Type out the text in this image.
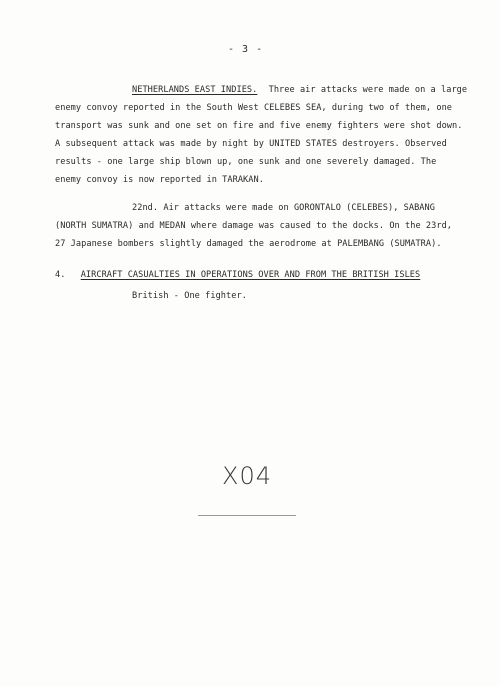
- 3 -
NETHERLANDS EAST INDIES. Three air attacks were made on a large
enemy convoy reported in the South West CELEBES SEA, during two of them, one
transport was sunk and one set on fire and five enemy fighters were shot down.
A subsequent attack was made by night by UNITED STATES destroyers. Observed
results - one large ship blown up, one sunk and one severely damaged. The
enemy convoy is now reported in TARAKAN.
22nd. Air attacks were made on GORONTALO (CELEBES), SABANG
(NORTH SUMATRA) and MEDAN where damage was caused to the docks. On the 23rd,
27 Japanese bombers slightly damaged the aerodrome at PALEMBANG (SUMATRA).
4. AIRCRAFT CASUALTIES IN OPERATIONS OVER AND FROM THE BRITISH ISLES
British - One fighter.
X04
